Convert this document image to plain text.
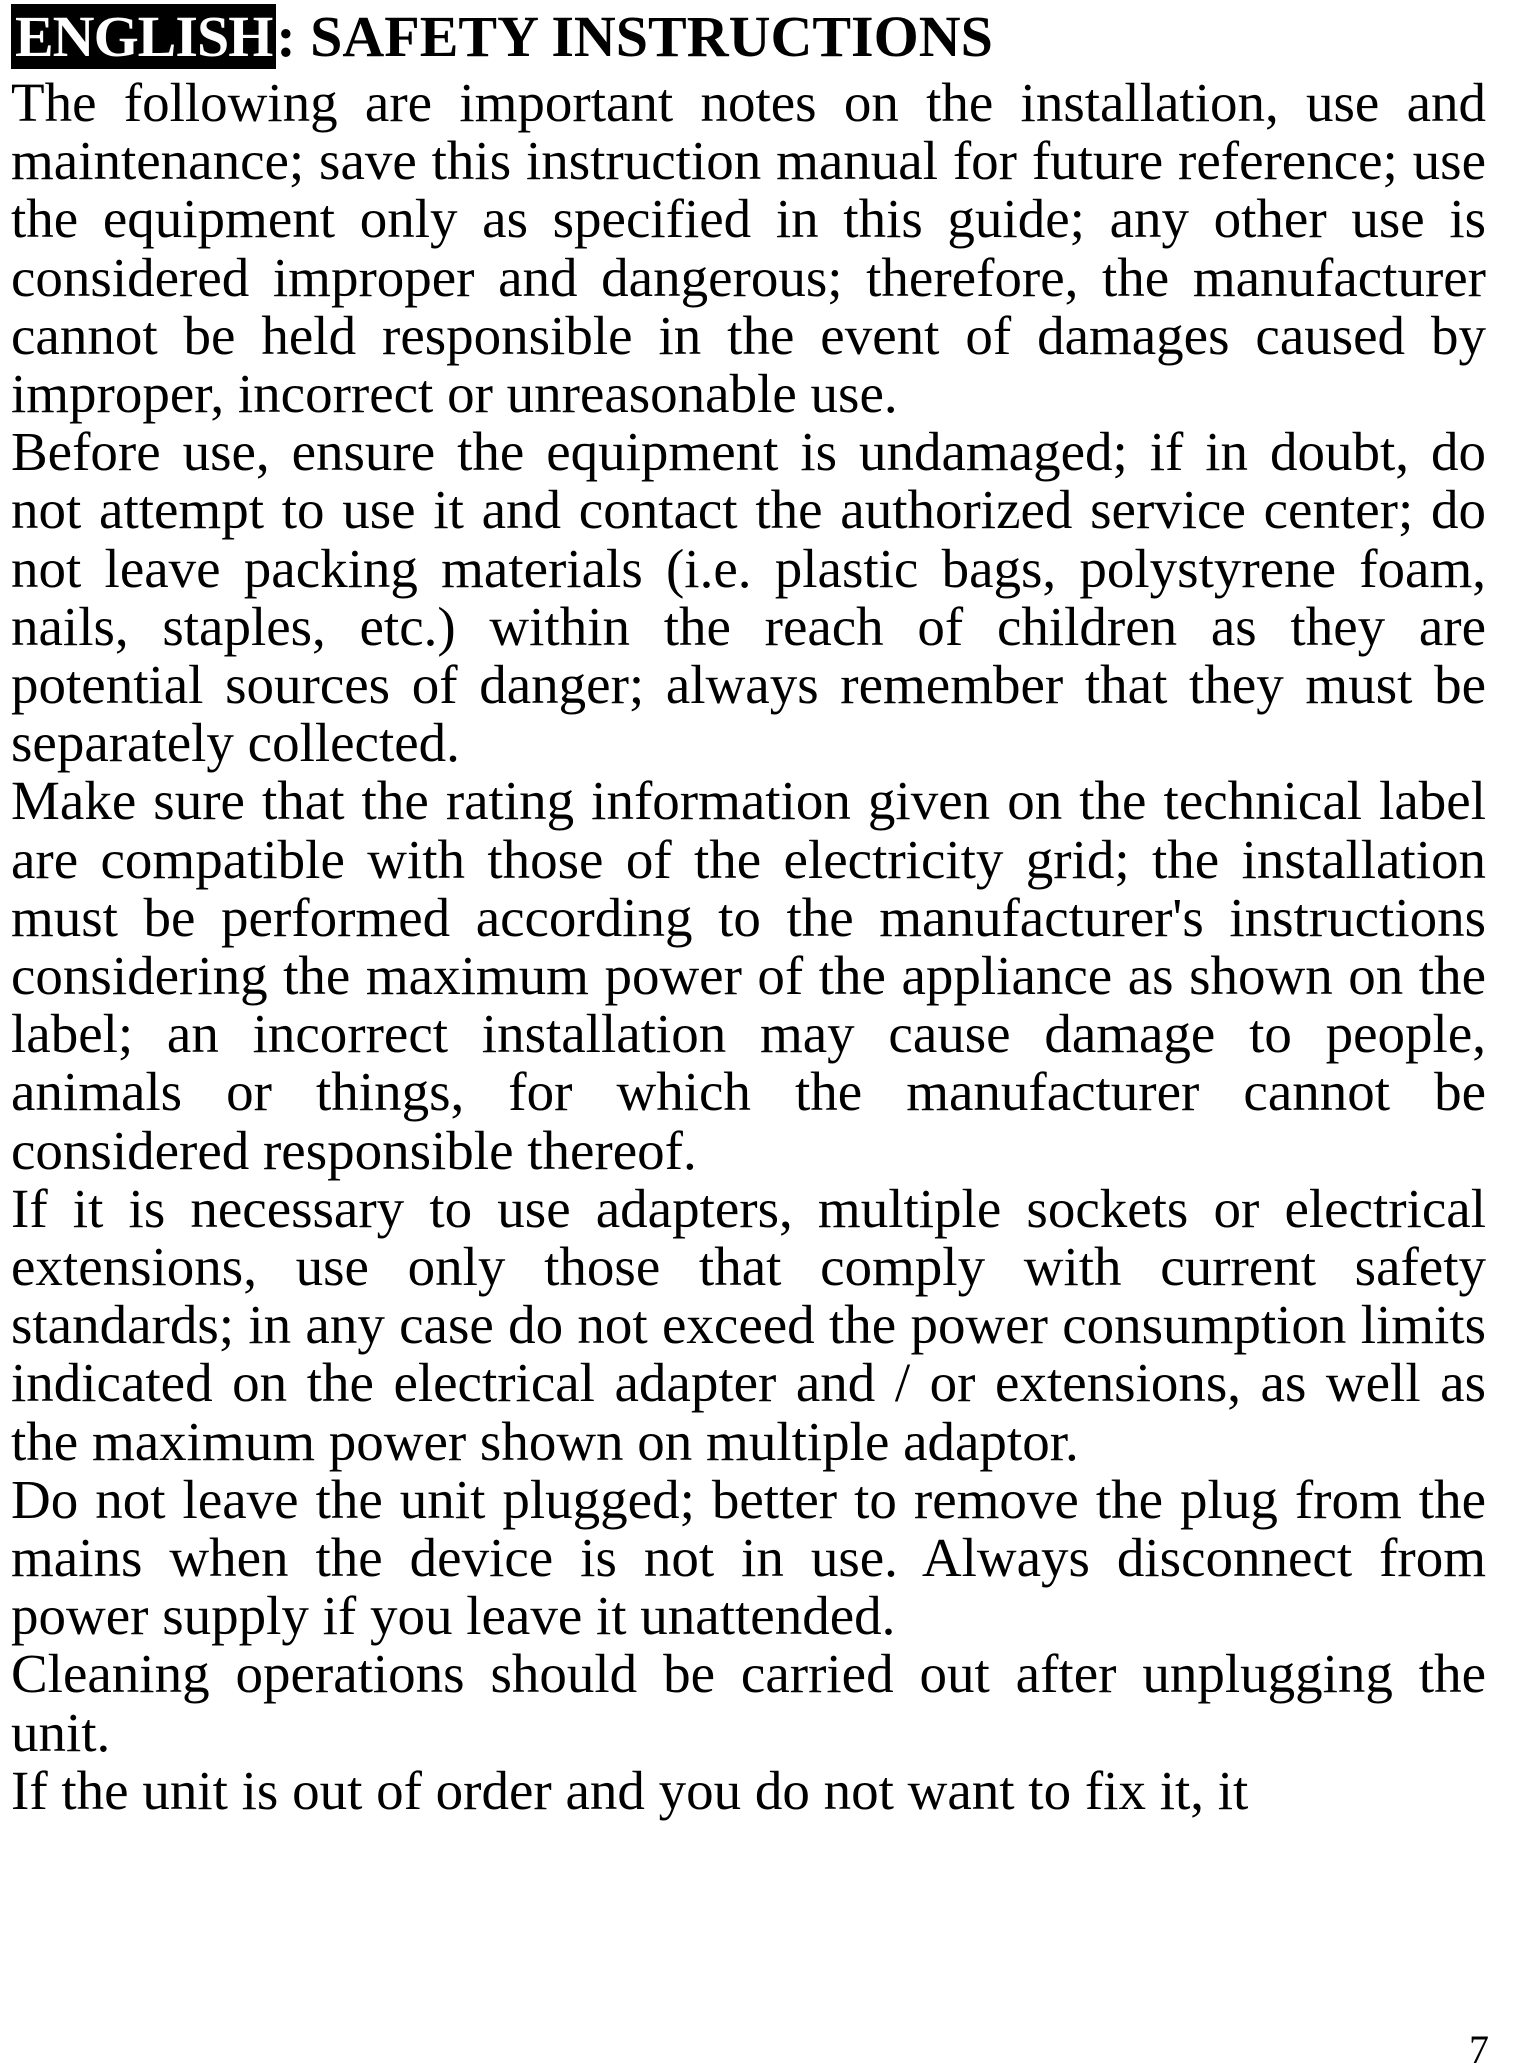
ENGLISH: SAFETY INSTRUCTIONS

The following are important notes on the installation, use and maintenance; save this instruction manual for future reference; use the equipment only as specified in this guide; any other use is considered improper and dangerous; therefore, the manufacturer cannot be held responsible in the event of damages caused by improper, incorrect or unreasonable use.

Before use, ensure the equipment is undamaged; if in doubt, do not attempt to use it and contact the authorized service center; do not leave packing materials (i.e. plastic bags, polystyrene foam, nails, staples, etc.) within the reach of children as they are potential sources of danger; always remember that they must be separately collected.

Make sure that the rating information given on the technical label are compatible with those of the electricity grid; the installation must be performed according to the manufacturer's instructions considering the maximum power of the appliance as shown on the label; an incorrect installation may cause damage to people, animals or things, for which the manufacturer cannot be considered responsible thereof.

If it is necessary to use adapters, multiple sockets or electrical extensions, use only those that comply with current safety standards; in any case do not exceed the power consumption limits indicated on the electrical adapter and / or extensions, as well as the maximum power shown on multiple adaptor.

Do not leave the unit plugged; better to remove the plug from the mains when the device is not in use. Always disconnect from power supply if you leave it unattended.

Cleaning operations should be carried out after unplugging the unit.

If the unit is out of order and you do not want to fix it, it

7
